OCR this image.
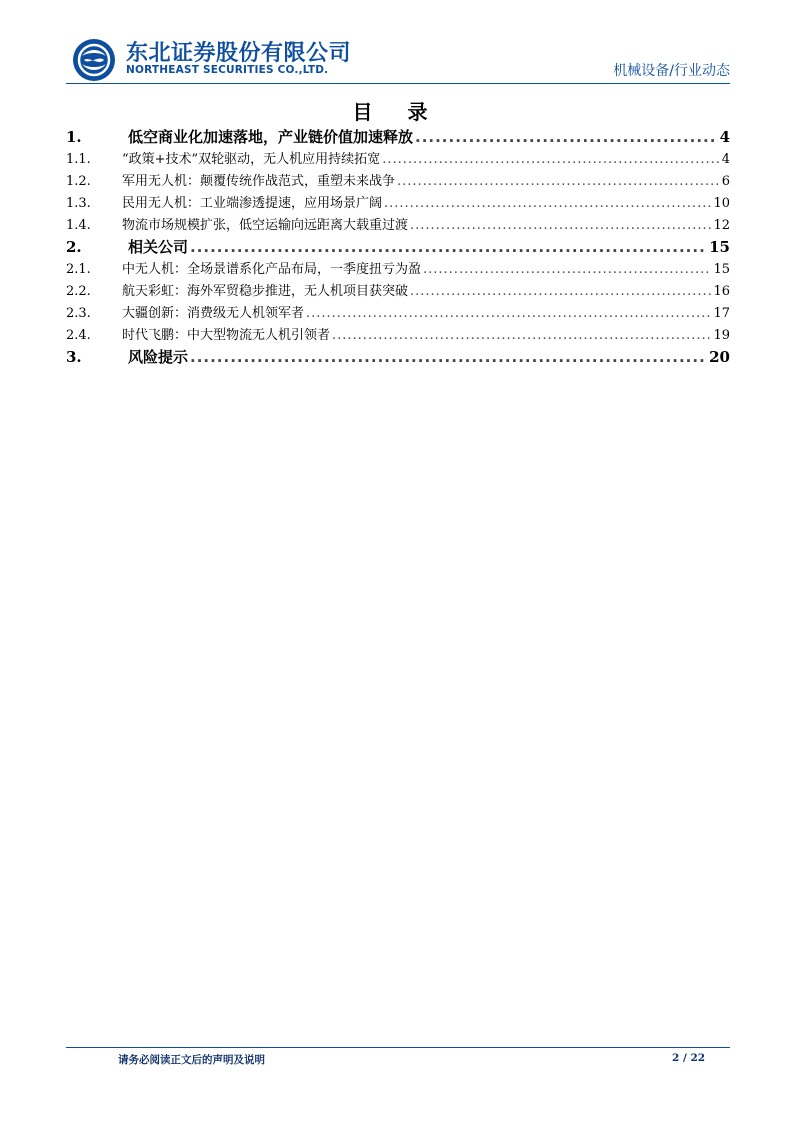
东北证券股份有限公司
NORTHEAST SECURITIES CO.,LTD.	机械设备/行业动态
目 录
1.	低空商业化加速落地，产业链价值加速释放 .....	4
1.1.	“政策+技术”双轮驱动，无人机应用持续拓宽 .....	4
1.2.	军用无人机：颠覆传统作战范式，重塑未来战争 .....	6
1.3.	民用无人机：工业端渗透提速，应用场景广阔 .....	10
1.4.	物流市场规模扩张，低空运输向远距离大载重过渡 .....	12
2.	相关公司 .....	15
2.1.	中无人机：全场景谱系化产品布局，一季度扭亏为盈 .....	15
2.2.	航天彩虹：海外军贸稳步推进，无人机项目获突破 .....	16
2.3.	大疆创新：消费级无人机领军者 .....	17
2.4.	时代飞鹏：中大型物流无人机引领者 .....	19
3.	风险提示 .....	20
请务必阅读正文后的声明及说明	2 / 22
